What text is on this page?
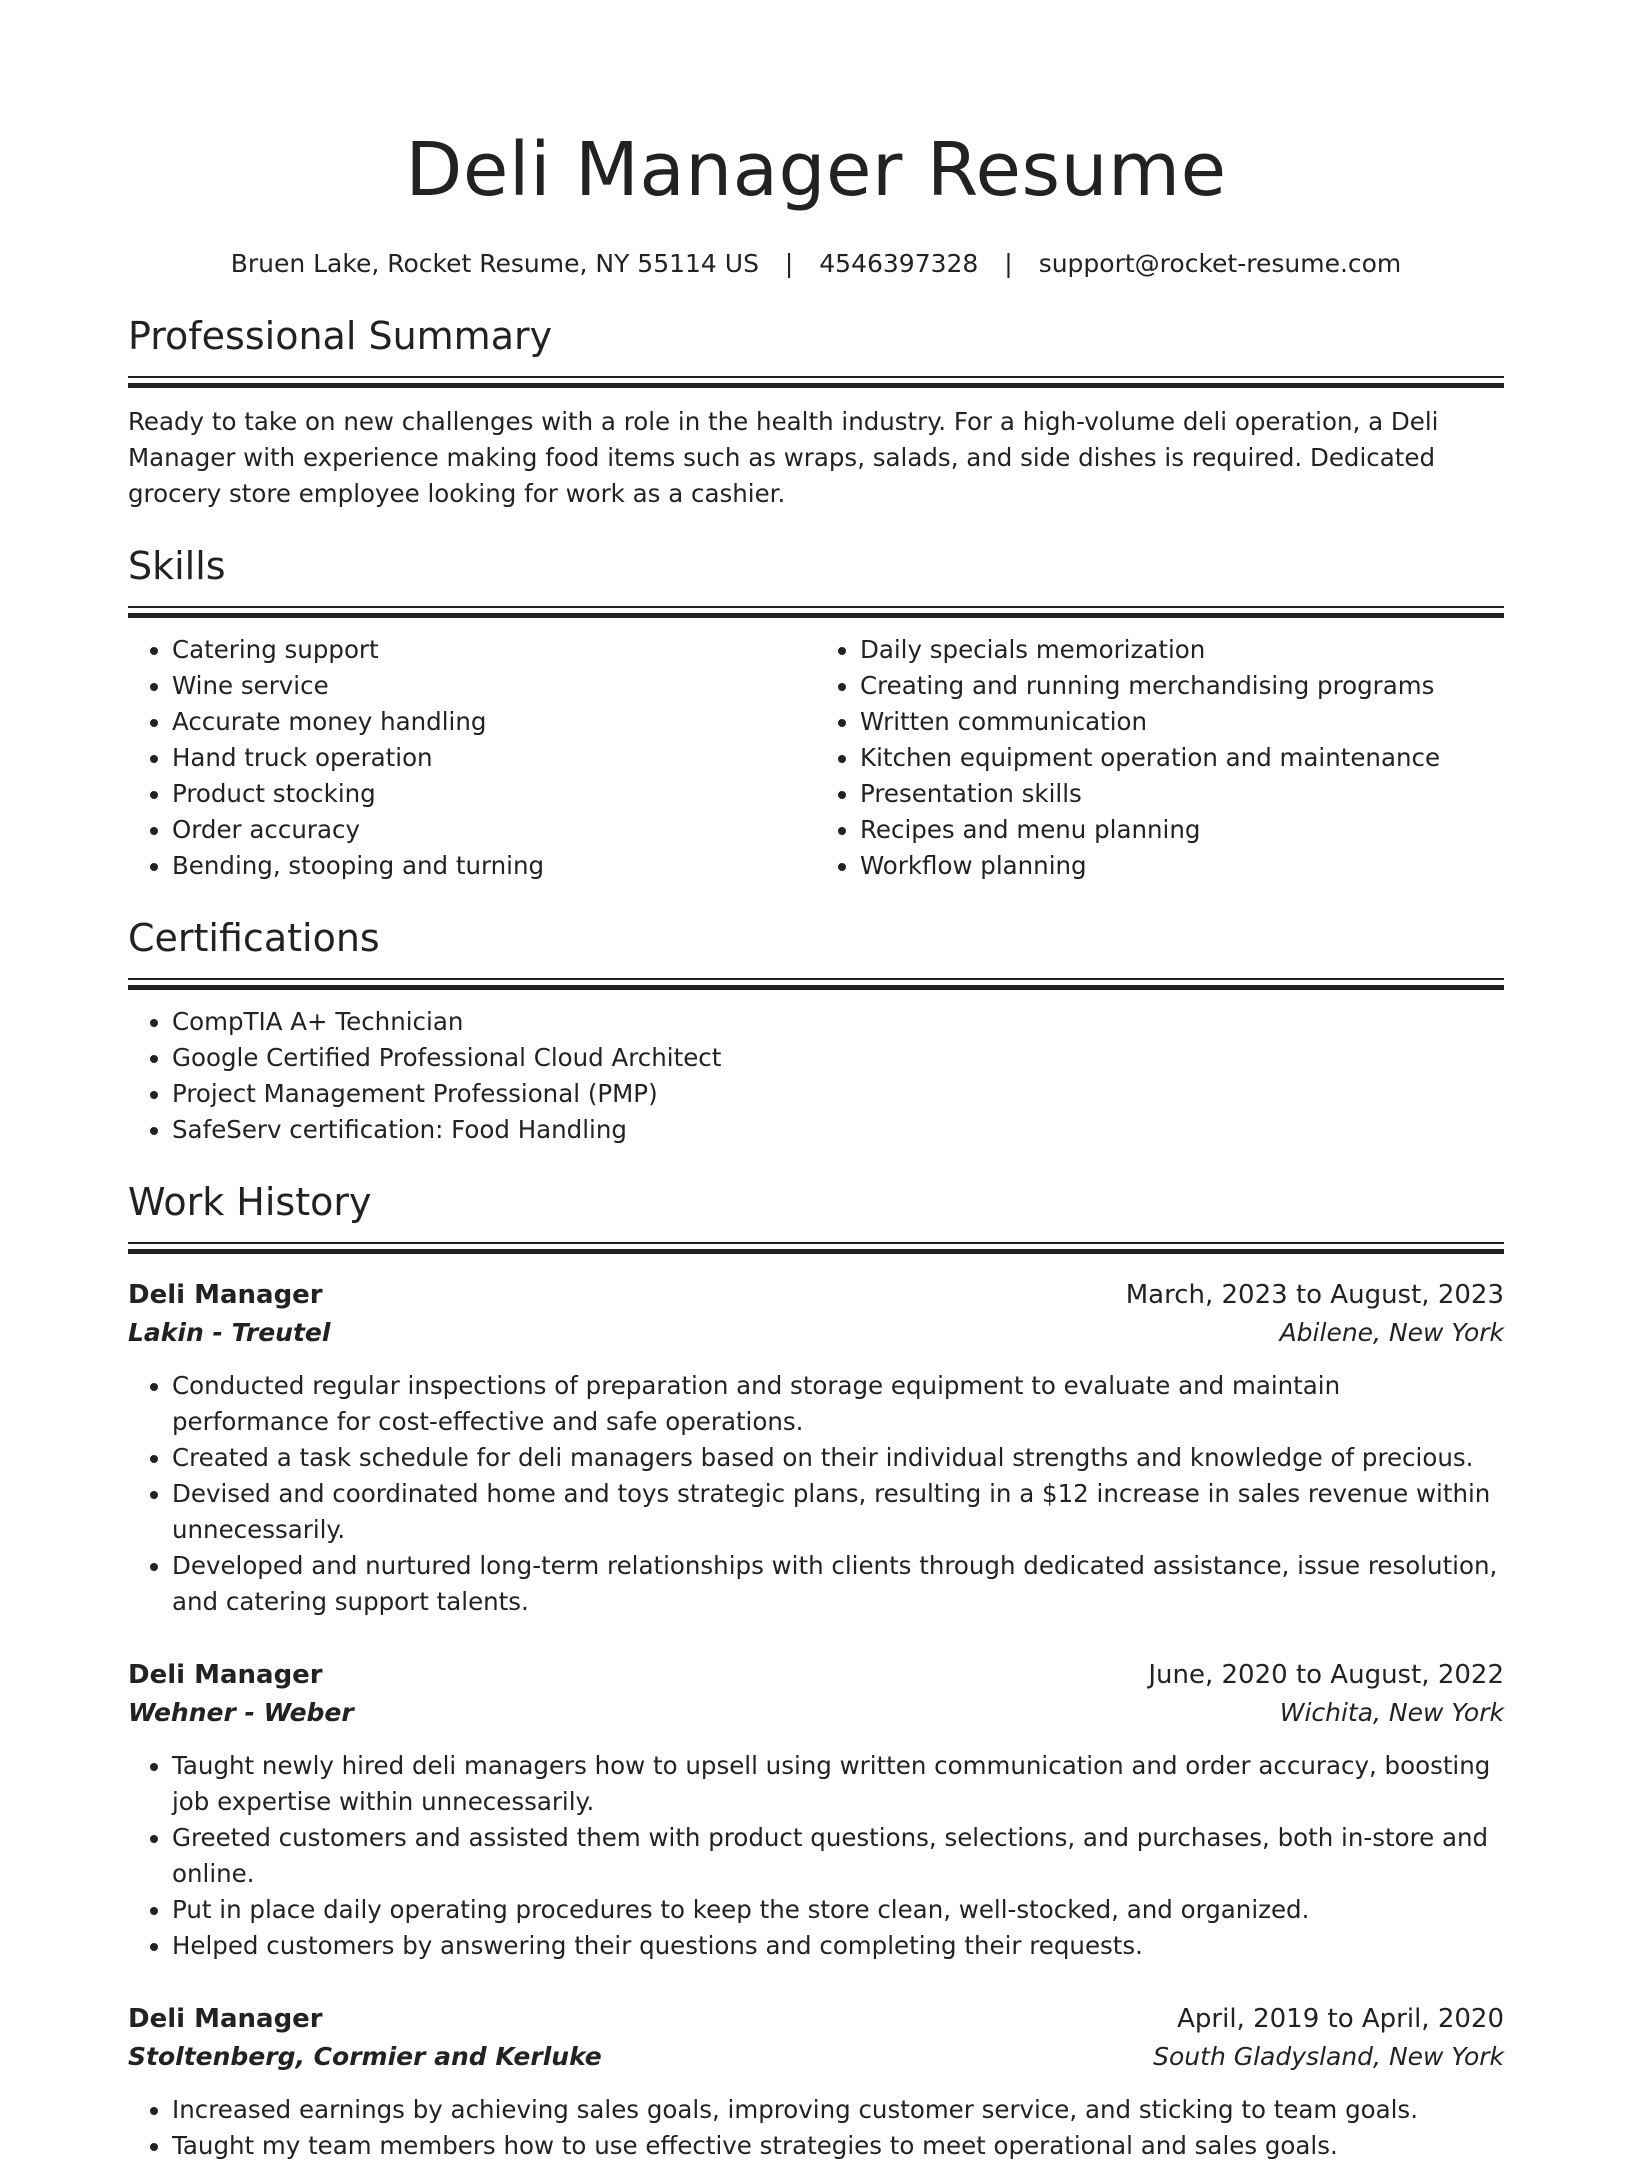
Deli Manager Resume
Bruen Lake, Rocket Resume, NY 55114 US | 4546397328 | support@rocket-resume.com
Professional Summary
Ready to take on new challenges with a role in the health industry. For a high-volume deli operation, a Deli Manager with experience making food items such as wraps, salads, and side dishes is required. Dedicated grocery store employee looking for work as a cashier.
Skills
• Catering support
• Wine service
• Accurate money handling
• Hand truck operation
• Product stocking
• Order accuracy
• Bending, stooping and turning
• Daily specials memorization
• Creating and running merchandising programs
• Written communication
• Kitchen equipment operation and maintenance
• Presentation skills
• Recipes and menu planning
• Workflow planning
Certifications
• CompTIA A+ Technician
• Google Certified Professional Cloud Architect
• Project Management Professional (PMP)
• SafeServ certification: Food Handling
Work History
Deli Manager	March, 2023 to August, 2023
Lakin - Treutel	Abilene, New York
• Conducted regular inspections of preparation and storage equipment to evaluate and maintain performance for cost-effective and safe operations.
• Created a task schedule for deli managers based on their individual strengths and knowledge of precious.
• Devised and coordinated home and toys strategic plans, resulting in a $12 increase in sales revenue within unnecessarily.
• Developed and nurtured long-term relationships with clients through dedicated assistance, issue resolution, and catering support talents.
Deli Manager	June, 2020 to August, 2022
Wehner - Weber	Wichita, New York
• Taught newly hired deli managers how to upsell using written communication and order accuracy, boosting job expertise within unnecessarily.
• Greeted customers and assisted them with product questions, selections, and purchases, both in-store and online.
• Put in place daily operating procedures to keep the store clean, well-stocked, and organized.
• Helped customers by answering their questions and completing their requests.
Deli Manager	April, 2019 to April, 2020
Stoltenberg, Cormier and Kerluke	South Gladysland, New York
• Increased earnings by achieving sales goals, improving customer service, and sticking to team goals.
• Taught my team members how to use effective strategies to meet operational and sales goals.
